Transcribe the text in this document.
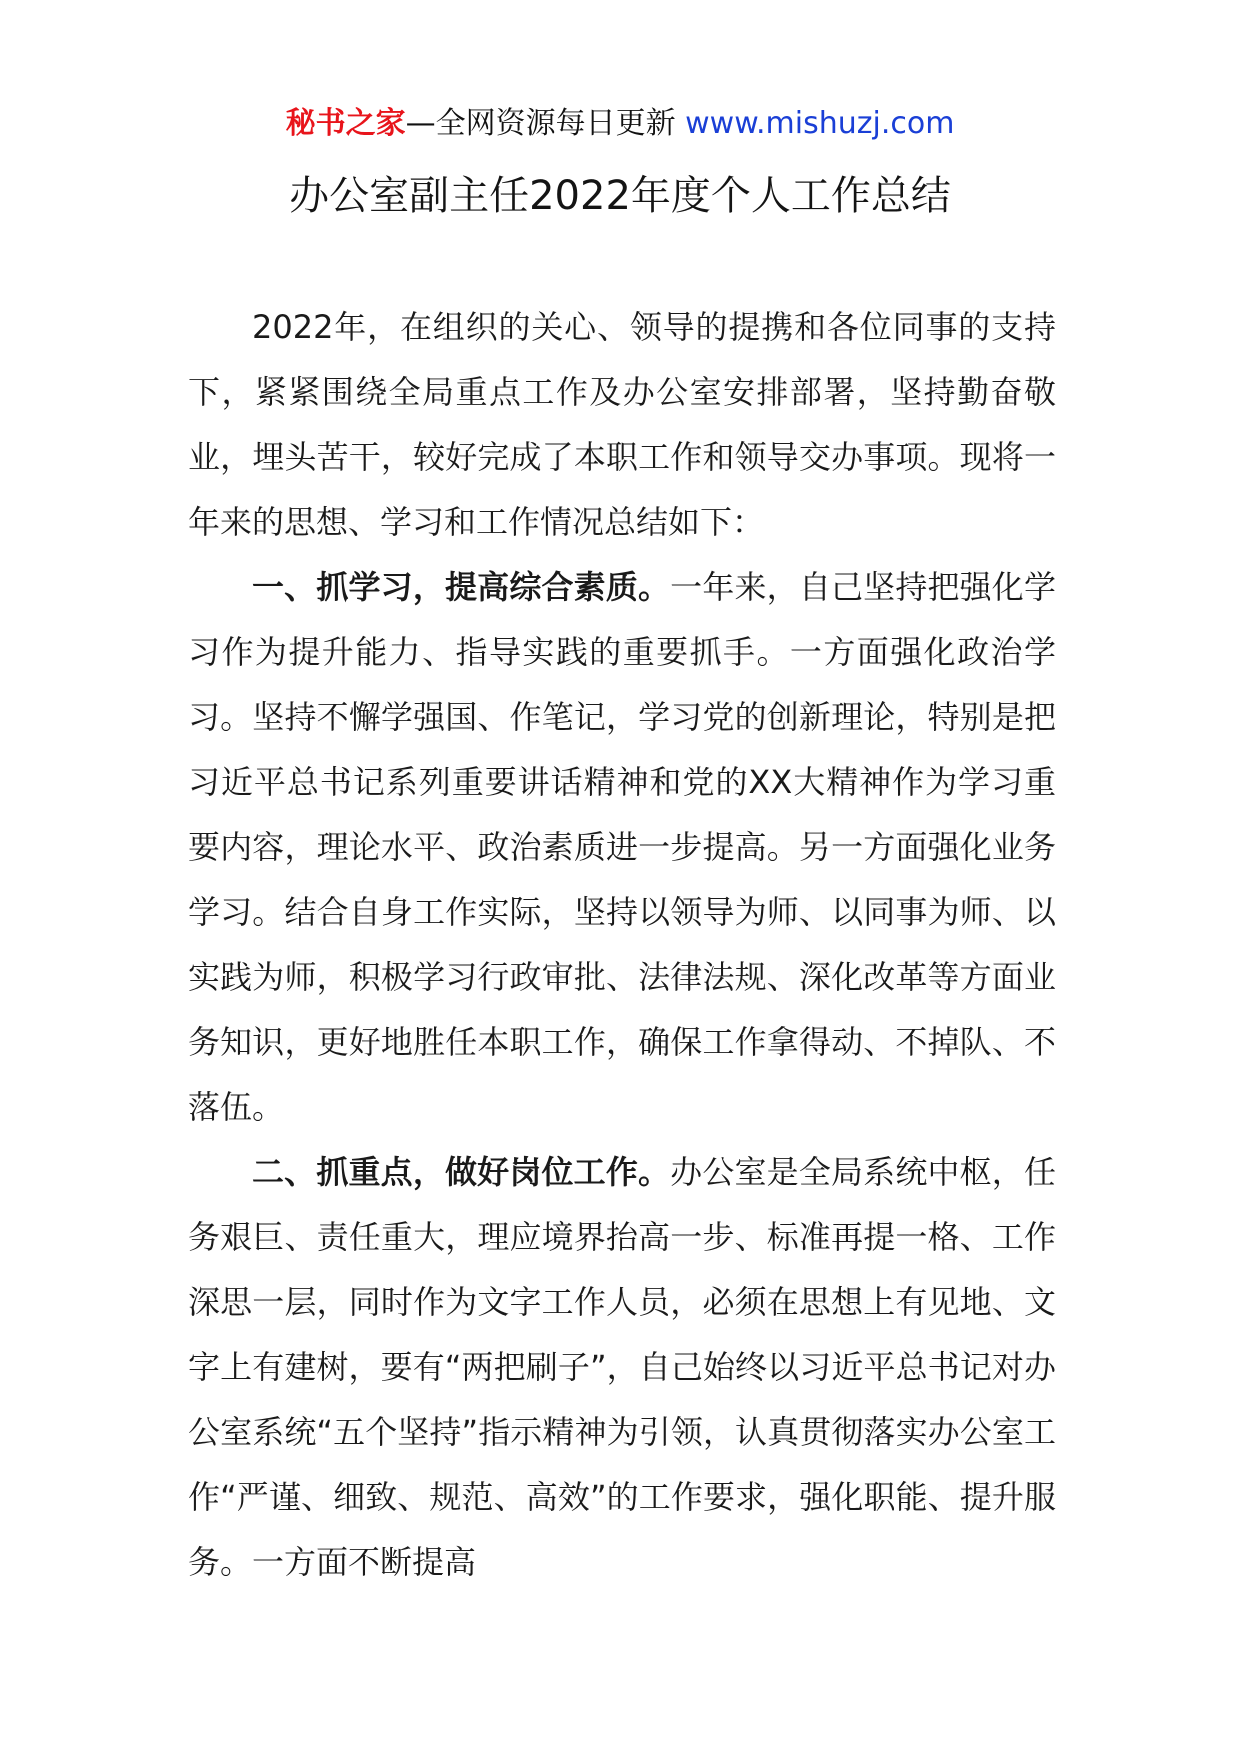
秘书之家—全网资源每日更新 www.mishuzj.com
办公室副主任2022年度个人工作总结

2022年，在组织的关心、领导的提携和各位同事的支持下，紧紧围绕全局重点工作及办公室安排部署，坚持勤奋敬业，埋头苦干，较好完成了本职工作和领导交办事项。现将一年来的思想、学习和工作情况总结如下：

一、抓学习，提高综合素质。一年来，自己坚持把强化学习作为提升能力、指导实践的重要抓手。一方面强化政治学习。坚持不懈学强国、作笔记，学习党的创新理论，特别是把习近平总书记系列重要讲话精神和党的XX大精神作为学习重要内容，理论水平、政治素质进一步提高。另一方面强化业务学习。结合自身工作实际，坚持以领导为师、以同事为师、以实践为师，积极学习行政审批、法律法规、深化改革等方面业务知识，更好地胜任本职工作，确保工作拿得动、不掉队、不落伍。

二、抓重点，做好岗位工作。办公室是全局系统中枢，任务艰巨、责任重大，理应境界抬高一步、标准再提一格、工作深思一层，同时作为文字工作人员，必须在思想上有见地、文字上有建树，要有“两把刷子”，自己始终以习近平总书记对办公室系统“五个坚持”指示精神为引领，认真贯彻落实办公室工作“严谨、细致、规范、高效”的工作要求，强化职能、提升服务。一方面不断提高
